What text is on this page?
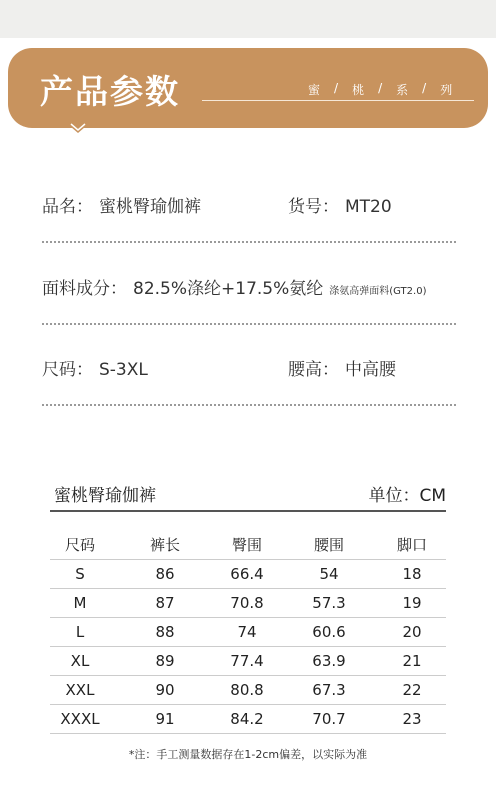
产品参数	蜜 / 桃 / 系 / 列
品名： 蜜桃臀瑜伽裤	货号： MT20
面料成分： 82.5%涤纶+17.5%氨纶 涤氨高弹面料(GT2.0)
尺码： S-3XL	腰高： 中高腰
蜜桃臀瑜伽裤	单位：CM
尺码	裤长	臀围	腰围	脚口
S	86	66.4	54	18
M	87	70.8	57.3	19
L	88	74	60.6	20
XL	89	77.4	63.9	21
XXL	90	80.8	67.3	22
XXXL	91	84.2	70.7	23
*注：手工测量数据存在1-2cm偏差，以实际为准
